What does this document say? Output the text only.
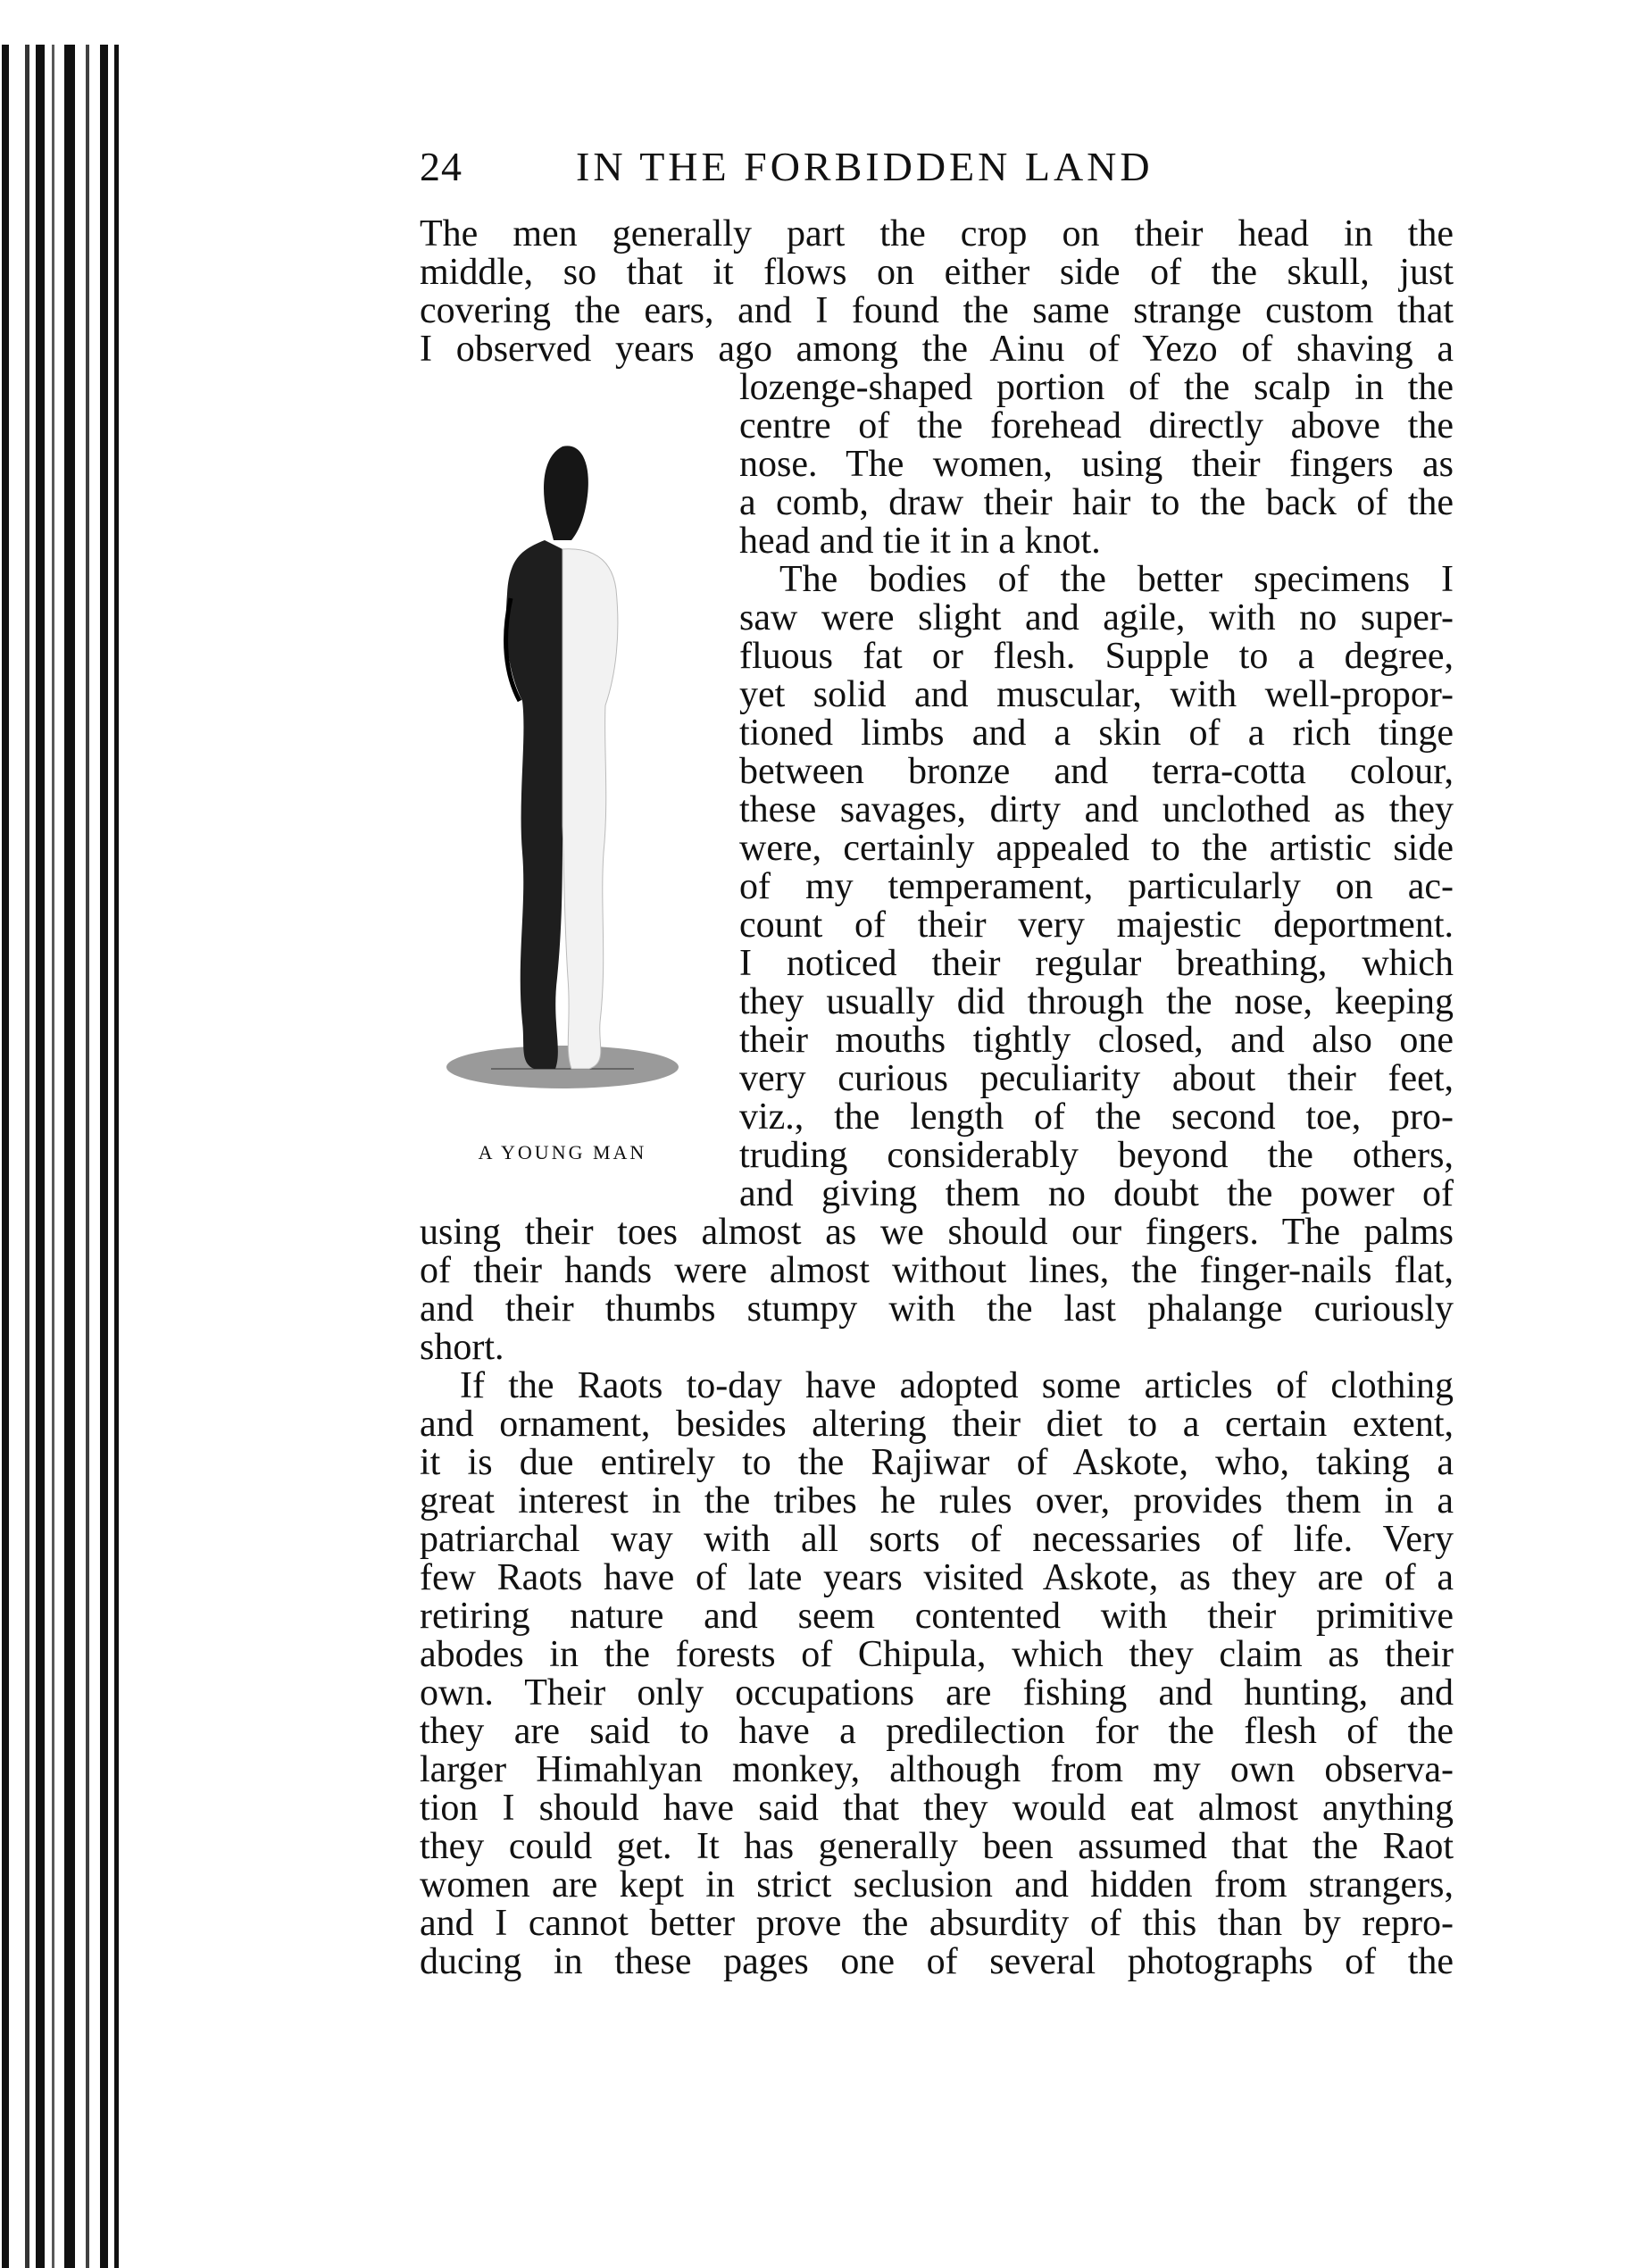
24	IN THE FORBIDDEN LAND
A YOUNG MAN
The men generally part the crop on their head in the
middle, so that it flows on either side of the skull, just
covering the ears, and I found the same strange custom that
I observed years ago among the Ainu of Yezo of shaving a
lozenge-shaped portion of the scalp in the
centre of the forehead directly above the
nose. The women, using their fingers as
a comb, draw their hair to the back of the
head and tie it in a knot.
The bodies of the better specimens I
saw were slight and agile, with no super-
fluous fat or flesh. Supple to a degree,
yet solid and muscular, with well-propor-
tioned limbs and a skin of a rich tinge
between bronze and terra-cotta colour,
these savages, dirty and unclothed as they
were, certainly appealed to the artistic side
of my temperament, particularly on ac-
count of their very majestic deportment.
I noticed their regular breathing, which
they usually did through the nose, keeping
their mouths tightly closed, and also one
very curious peculiarity about their feet,
viz., the length of the second toe, pro-
truding considerably beyond the others,
and giving them no doubt the power of
using their toes almost as we should our fingers. The palms
of their hands were almost without lines, the finger-nails flat,
and their thumbs stumpy with the last phalange curiously
short.
If the Raots to-day have adopted some articles of clothing
and ornament, besides altering their diet to a certain extent,
it is due entirely to the Rajiwar of Askote, who, taking a
great interest in the tribes he rules over, provides them in a
patriarchal way with all sorts of necessaries of life. Very
few Raots have of late years visited Askote, as they are of a
retiring nature and seem contented with their primitive
abodes in the forests of Chipula, which they claim as their
own. Their only occupations are fishing and hunting, and
they are said to have a predilection for the flesh of the
larger Himahlyan monkey, although from my own observa-
tion I should have said that they would eat almost anything
they could get. It has generally been assumed that the Raot
women are kept in strict seclusion and hidden from strangers,
and I cannot better prove the absurdity of this than by repro-
ducing in these pages one of several photographs of the
